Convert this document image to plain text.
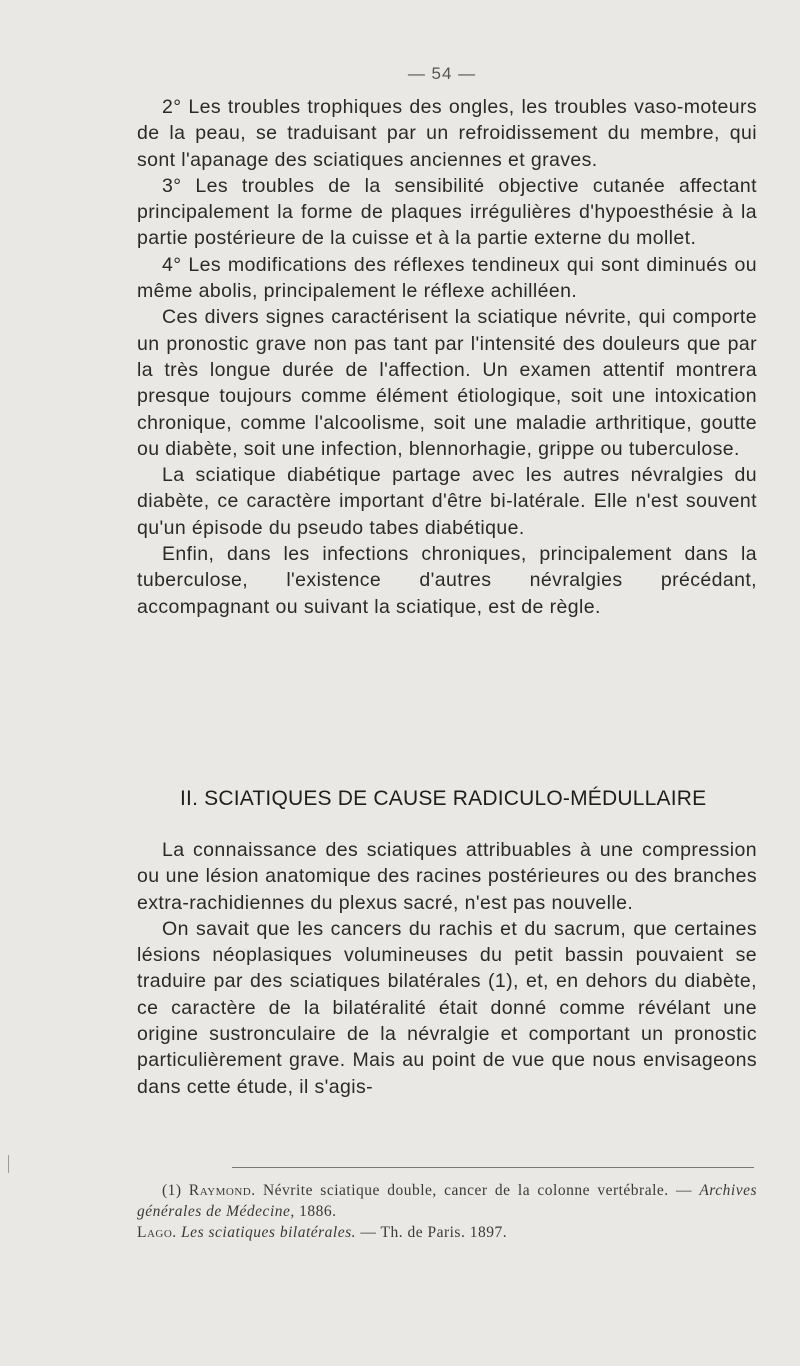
— 54 —

2° Les troubles trophiques des ongles, les troubles vaso-moteurs de la peau, se traduisant par un refroidissement du membre, qui sont l'apanage des sciatiques anciennes et graves.

3° Les troubles de la sensibilité objective cutanée affectant principalement la forme de plaques irrégulières d'hypoesthésie à la partie postérieure de la cuisse et à la partie externe du mollet.

4° Les modifications des réflexes tendineux qui sont diminués ou même abolis, principalement le réflexe achilléen.

Ces divers signes caractérisent la sciatique névrite, qui comporte un pronostic grave non pas tant par l'intensité des douleurs que par la très longue durée de l'affection. Un examen attentif montrera presque toujours comme élément étiologique, soit une intoxication chronique, comme l'alcoolisme, soit une maladie arthritique, goutte ou diabète, soit une infection, blennorhagie, grippe ou tuberculose.

La sciatique diabétique partage avec les autres névralgies du diabète, ce caractère important d'être bi-latérale. Elle n'est souvent qu'un épisode du pseudo tabes diabétique.

Enfin, dans les infections chroniques, principalement dans la tuberculose, l'existence d'autres névralgies précédant, accompagnant ou suivant la sciatique, est de règle.

II. SCIATIQUES DE CAUSE RADICULO-MÉDULLAIRE

La connaissance des sciatiques attribuables à une compression ou une lésion anatomique des racines postérieures ou des branches extra-rachidiennes du plexus sacré, n'est pas nouvelle.

On savait que les cancers du rachis et du sacrum, que certaines lésions néoplasiques volumineuses du petit bassin pouvaient se traduire par des sciatiques bilatérales (1), et, en dehors du diabète, ce caractère de la bilatéralité était donné comme révélant une origine sustronculaire de la névralgie et comportant un pronostic particulièrement grave. Mais au point de vue que nous envisageons dans cette étude, il s'agis-

(1) Raymond. Névrite sciatique double, cancer de la colonne vertébrale. — Archives générales de Médecine, 1886.

Lago. Les sciatiques bilatérales. — Th. de Paris. 1897.
